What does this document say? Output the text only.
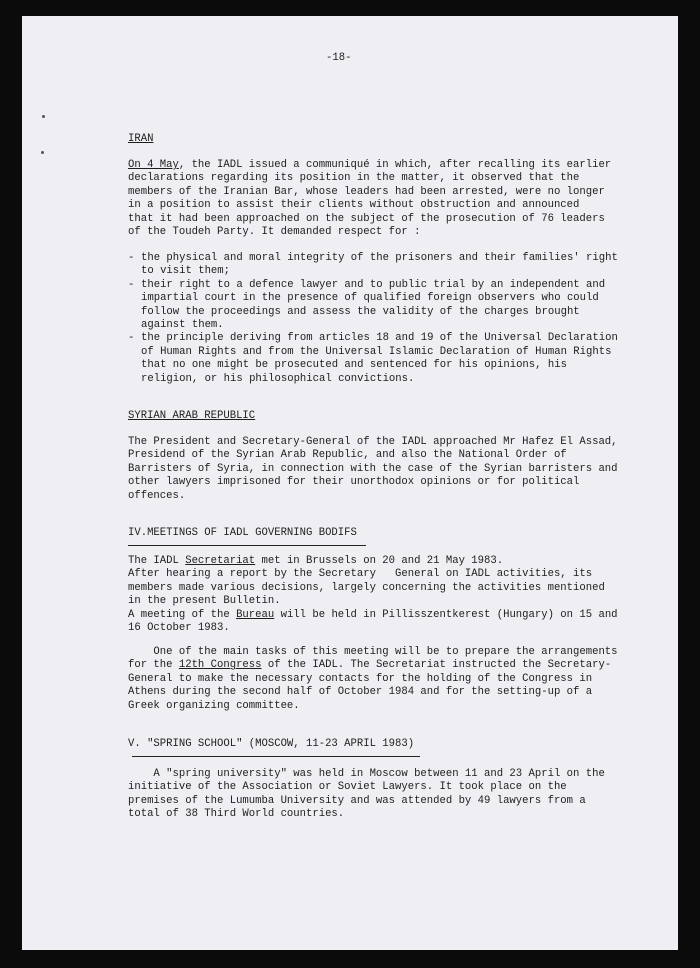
-18-
IRAN
On 4 May, the IADL issued a communiqué in which, after recalling its earlier
declarations regarding its position in the matter, it observed that the
members of the Iranian Bar, whose leaders had been arrested, were no longer
in a position to assist their clients without obstruction and announced
that it had been approached on the subject of the prosecution of 76 leaders
of the Toudeh Party. It demanded respect for :
- the physical and moral integrity of the prisoners and their families' right
to visit them;
- their right to a defence lawyer and to public trial by an independent and
impartial court in the presence of qualified foreign observers who could
follow the proceedings and assess the validity of the charges brought
against them.
- the principle deriving from articles 18 and 19 of the Universal Declaration
of Human Rights and from the Universal Islamic Declaration of Human Rights
that no one might be prosecuted and sentenced for his opinions, his
religion, or his philosophical convictions.
SYRIAN ARAB REPUBLIC
The President and Secretary-General of the IADL approached Mr Hafez El Assad,
Presidend of the Syrian Arab Republic, and also the National Order of
Barristers of Syria, in connection with the case of the Syrian barristers and
other lawyers imprisoned for their unorthodox opinions or for political
offences.
IV.MEETINGS OF IADL GOVERNING BODIFS
The IADL Secretariat met in Brussels on 20 and 21 May 1983.
After hearing a report by the Secretary   General on IADL activities, its
members made various decisions, largely concerning the activities mentioned
in the present Bulletin.
A meeting of the Bureau will be held in Pillisszentkerest (Hungary) on 15 and
16 October 1983.
One of the main tasks of this meeting will be to prepare the arrangements
for the 12th Congress of the IADL. The Secretariat instructed the Secretary-
General to make the necessary contacts for the holding of the Congress in
Athens during the second half of October 1984 and for the setting-up of a
Greek organizing committee.
V. "SPRING SCHOOL" (MOSCOW, 11-23 APRIL 1983)
A "spring university" was held in Moscow between 11 and 23 April on the
initiative of the Association or Soviet Lawyers. It took place on the
premises of the Lumumba University and was attended by 49 lawyers from a
total of 38 Third World countries.
